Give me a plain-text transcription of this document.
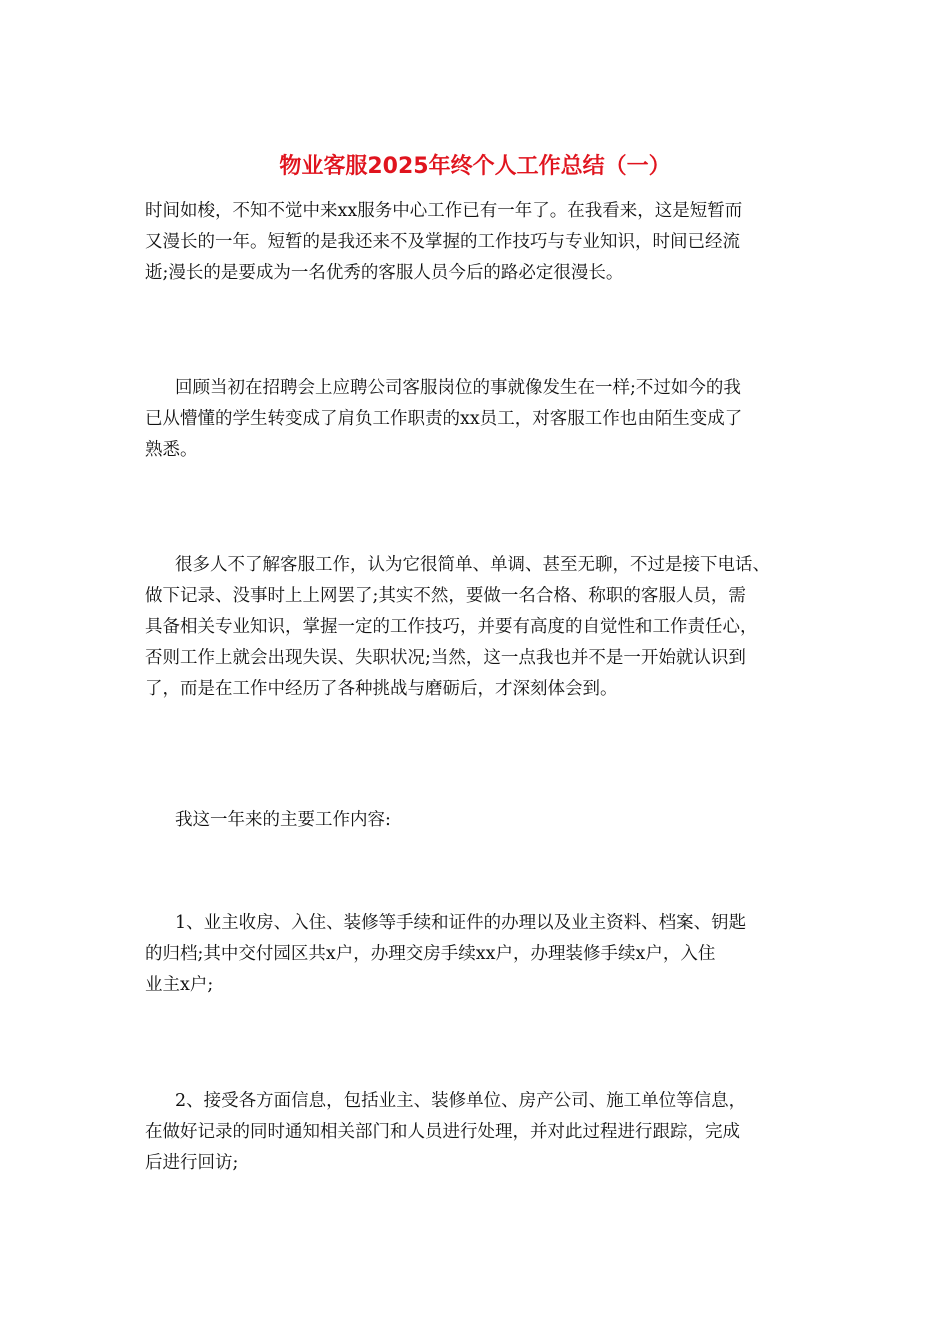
物业客服2025年终个人工作总结（一）

时间如梭，不知不觉中来xx服务中心工作已有一年了。在我看来，这是短暂而
又漫长的一年。短暂的是我还来不及掌握的工作技巧与专业知识，时间已经流
逝;漫长的是要成为一名优秀的客服人员今后的路必定很漫长。

回顾当初在招聘会上应聘公司客服岗位的事就像发生在一样;不过如今的我
已从懵懂的学生转变成了肩负工作职责的xx员工，对客服工作也由陌生变成了
熟悉。

很多人不了解客服工作，认为它很简单、单调、甚至无聊，不过是接下电话、
做下记录、没事时上上网罢了;其实不然，要做一名合格、称职的客服人员，需
具备相关专业知识，掌握一定的工作技巧，并要有高度的自觉性和工作责任心，
否则工作上就会出现失误、失职状况;当然，这一点我也并不是一开始就认识到
了，而是在工作中经历了各种挑战与磨砺后，才深刻体会到。

我这一年来的主要工作内容:

1、业主收房、入住、装修等手续和证件的办理以及业主资料、档案、钥匙
的归档;其中交付园区共x户，办理交房手续xx户，办理装修手续x户，入住
业主x户;

2、接受各方面信息，包括业主、装修单位、房产公司、施工单位等信息，
在做好记录的同时通知相关部门和人员进行处理，并对此过程进行跟踪，完成
后进行回访;
